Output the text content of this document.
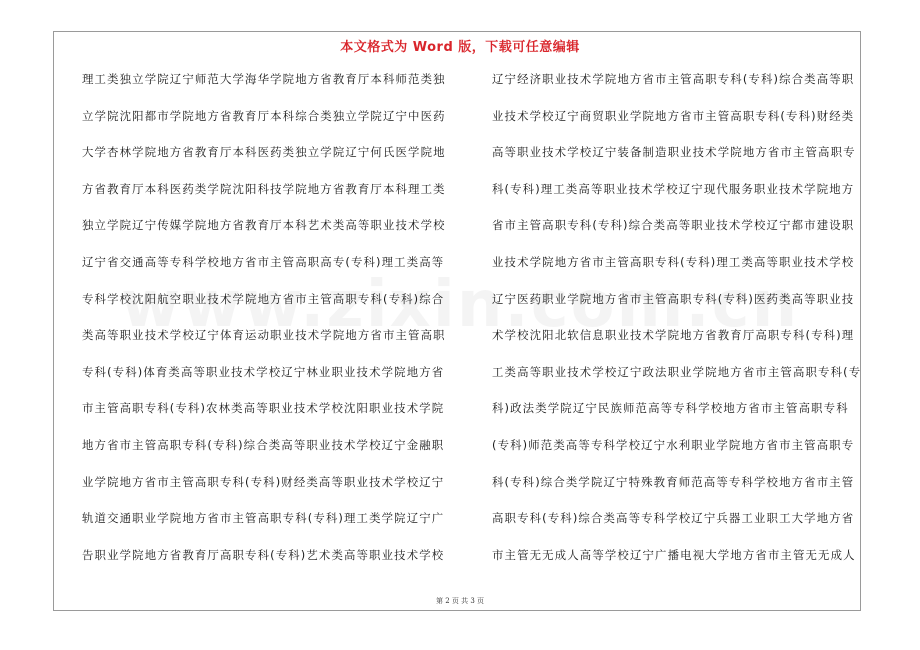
本文格式为 Word 版，下载可任意编辑
理工类独立学院辽宁师范大学海华学院地方省教育厅本科师范类独
立学院沈阳都市学院地方省教育厅本科综合类独立学院辽宁中医药
大学杏林学院地方省教育厅本科医药类独立学院辽宁何氏医学院地
方省教育厅本科医药类学院沈阳科技学院地方省教育厅本科理工类
独立学院辽宁传媒学院地方省教育厅本科艺术类高等职业技术学校
辽宁省交通高等专科学校地方省市主管高职高专(专科)理工类高等
专科学校沈阳航空职业技术学院地方省市主管高职专科(专科)综合
类高等职业技术学校辽宁体育运动职业技术学院地方省市主管高职
专科(专科)体育类高等职业技术学校辽宁林业职业技术学院地方省
市主管高职专科(专科)农林类高等职业技术学校沈阳职业技术学院
地方省市主管高职专科(专科)综合类高等职业技术学校辽宁金融职
业学院地方省市主管高职专科(专科)财经类高等职业技术学校辽宁
轨道交通职业学院地方省市主管高职专科(专科)理工类学院辽宁广
告职业学院地方省教育厅高职专科(专科)艺术类高等职业技术学校
辽宁经济职业技术学院地方省市主管高职专科(专科)综合类高等职
业技术学校辽宁商贸职业学院地方省市主管高职专科(专科)财经类
高等职业技术学校辽宁装备制造职业技术学院地方省市主管高职专
科(专科)理工类高等职业技术学校辽宁现代服务职业技术学院地方
省市主管高职专科(专科)综合类高等职业技术学校辽宁都市建设职
业技术学院地方省市主管高职专科(专科)理工类高等职业技术学校
辽宁医药职业学院地方省市主管高职专科(专科)医药类高等职业技
术学校沈阳北软信息职业技术学院地方省教育厅高职专科(专科)理
工类高等职业技术学校辽宁政法职业学院地方省市主管高职专科(专
科)政法类学院辽宁民族师范高等专科学校地方省市主管高职专科
(专科)师范类高等专科学校辽宁水利职业学院地方省市主管高职专
科(专科)综合类学院辽宁特殊教育师范高等专科学校地方省市主管
高职专科(专科)综合类高等专科学校辽宁兵器工业职工大学地方省
市主管无无成人高等学校辽宁广播电视大学地方省市主管无无成人
第 2 页 共 3 页
